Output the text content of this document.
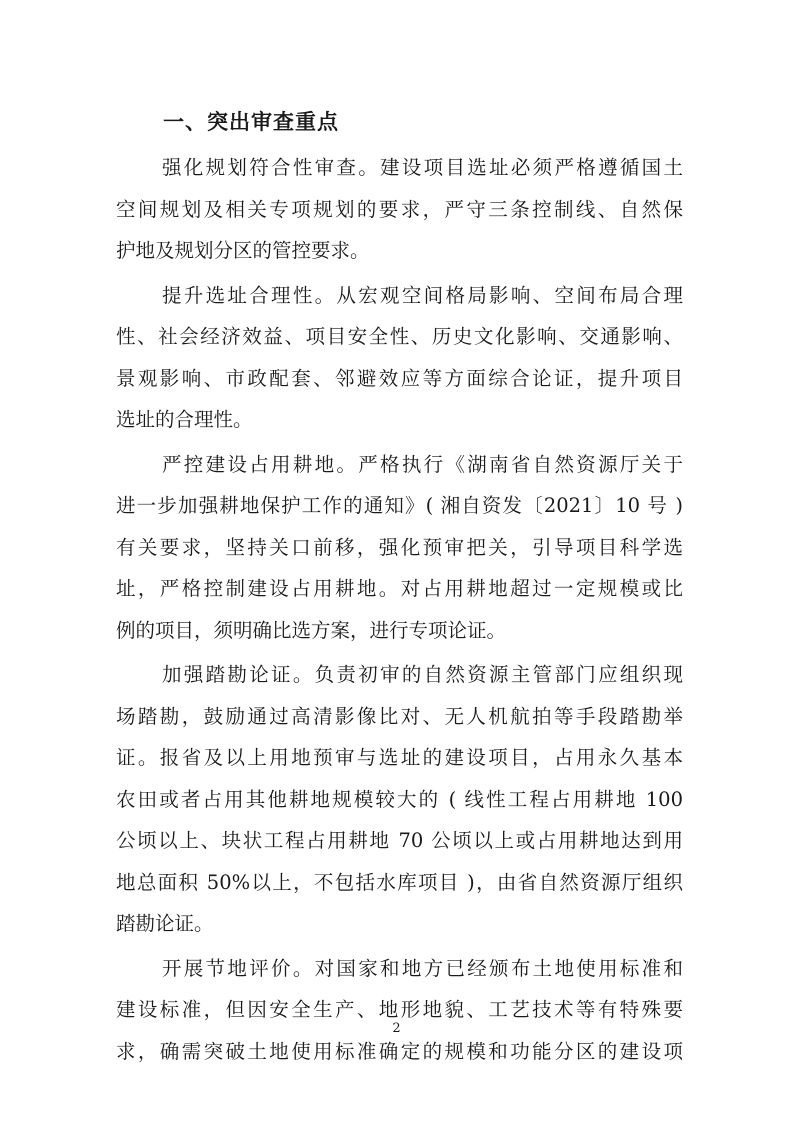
一、突出审查重点
强化规划符合性审查。建设项目选址必须严格遵循国土
空间规划及相关专项规划的要求，严守三条控制线、自然保
护地及规划分区的管控要求。
提升选址合理性。从宏观空间格局影响、空间布局合理
性、社会经济效益、项目安全性、历史文化影响、交通影响、
景观影响、市政配套、邻避效应等方面综合论证，提升项目
选址的合理性。
严控建设占用耕地。严格执行《湖南省自然资源厅关于
进一步加强耕地保护工作的通知》( 湘自资发〔2021〕10 号 )
有关要求，坚持关口前移，强化预审把关，引导项目科学选
址，严格控制建设占用耕地。对占用耕地超过一定规模或比
例的项目，须明确比选方案，进行专项论证。
加强踏勘论证。负责初审的自然资源主管部门应组织现
场踏勘，鼓励通过高清影像比对、无人机航拍等手段踏勘举
证。报省及以上用地预审与选址的建设项目，占用永久基本
农田或者占用其他耕地规模较大的 ( 线性工程占用耕地 100
公顷以上、块状工程占用耕地 70 公顷以上或占用耕地达到用
地总面积 50%以上，不包括水库项目 )，由省自然资源厅组织
踏勘论证。
开展节地评价。对国家和地方已经颁布土地使用标准和
建设标准，但因安全生产、地形地貌、工艺技术等有特殊要
求，确需突破土地使用标准确定的规模和功能分区的建设项
2
